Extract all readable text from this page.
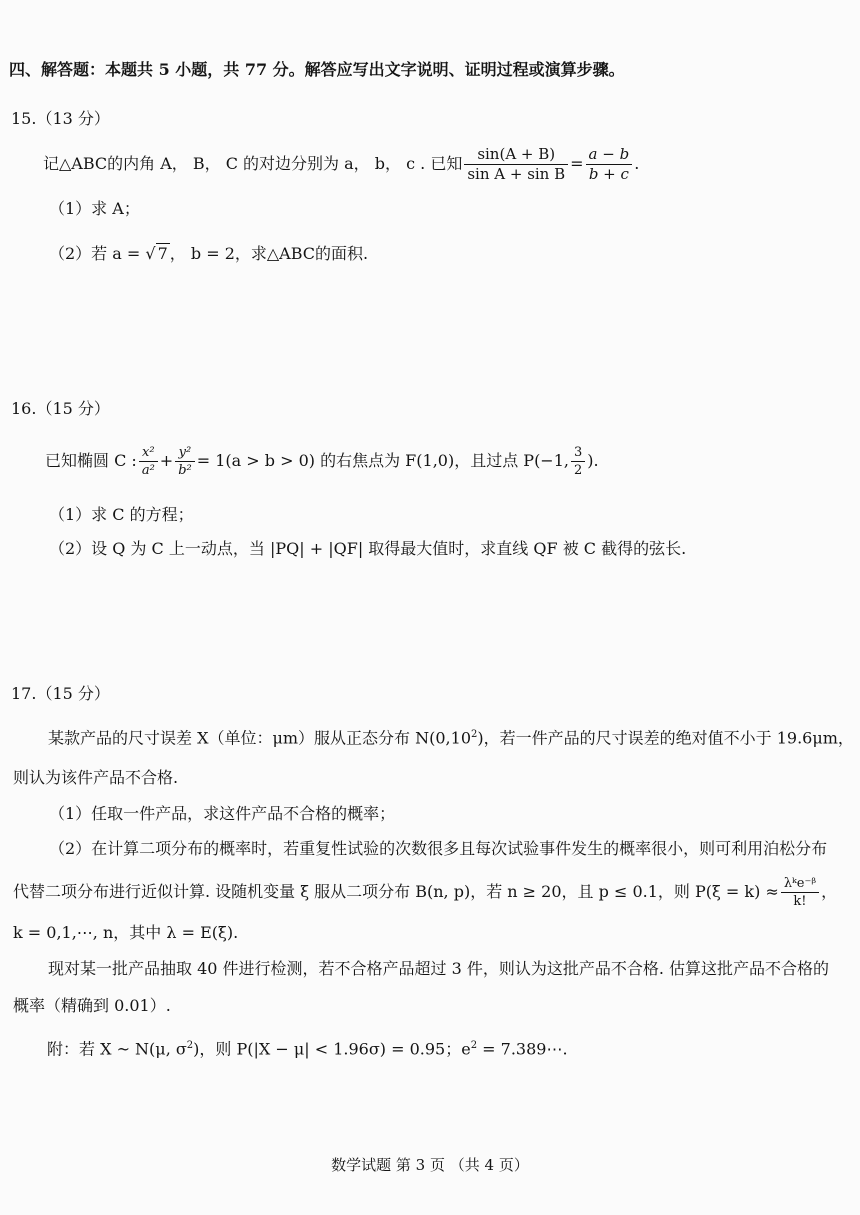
四、解答题：本题共 5 小题，共 77 分。解答应写出文字说明、证明过程或演算步骤。
15.（13 分）
记△ABC的内角 A， B， C 的对边分别为 a， b， c . 已知 $\frac{\sin(A + B)}{\text{sin A + sin B}} = \frac{a - b}{b + c}$ .
（1）求 A；
（2）若 a = √ 7 ， b = 2，求△ABC的面积.
16.（15 分）
已知椭圆 C : $\frac{\text{x²}}{\text{a²}} + \frac{\text{y²}}{\text{b²}} = 1(a > b > 0)$ 的右焦点为 F(1,0)，且过点 P(−1, $\frac{3}{2}$ ).
（1）求 C 的方程；
（2）设 Q 为 C 上一动点，当 |PQ| + |QF| 取得最大值时，求直线 QF 被 C 截得的弦长.
17.（15 分）
某款产品的尺寸误差 X（单位：μm）服从正态分布 N(0,10$^2$)，若一件产品的尺寸误差的绝对值不小于 19.6μm，
则认为该件产品不合格.
（1）任取一件产品，求这件产品不合格的概率；
（2）在计算二项分布的概率时，若重复性试验的次数很多且每次试验事件发生的概率很小，则可利用泊松分布
代替二项分布进行近似计算. 设随机变量 ξ 服从二项分布 B(n, p)，若 n ≥ 20，且 p ≤ 0.1，则 $P(\xi = k) \approx \frac{\text{λᵏe⁻ᵝ}}{k!}$ ，
k = 0,1,⋯, n，其中 λ = E(ξ).
现对某一批产品抽取 40 件进行检测，若不合格产品超过 3 件，则认为这批产品不合格. 估算这批产品不合格的
概率（精确到 0.01）.
附：若 X ~ N(μ, $\sigma^2$)，则 P(|X − μ| < 1.96σ) = 0.95；$e^2$ = 7.389⋯.
数学试题 第 3 页 （共 4 页）
